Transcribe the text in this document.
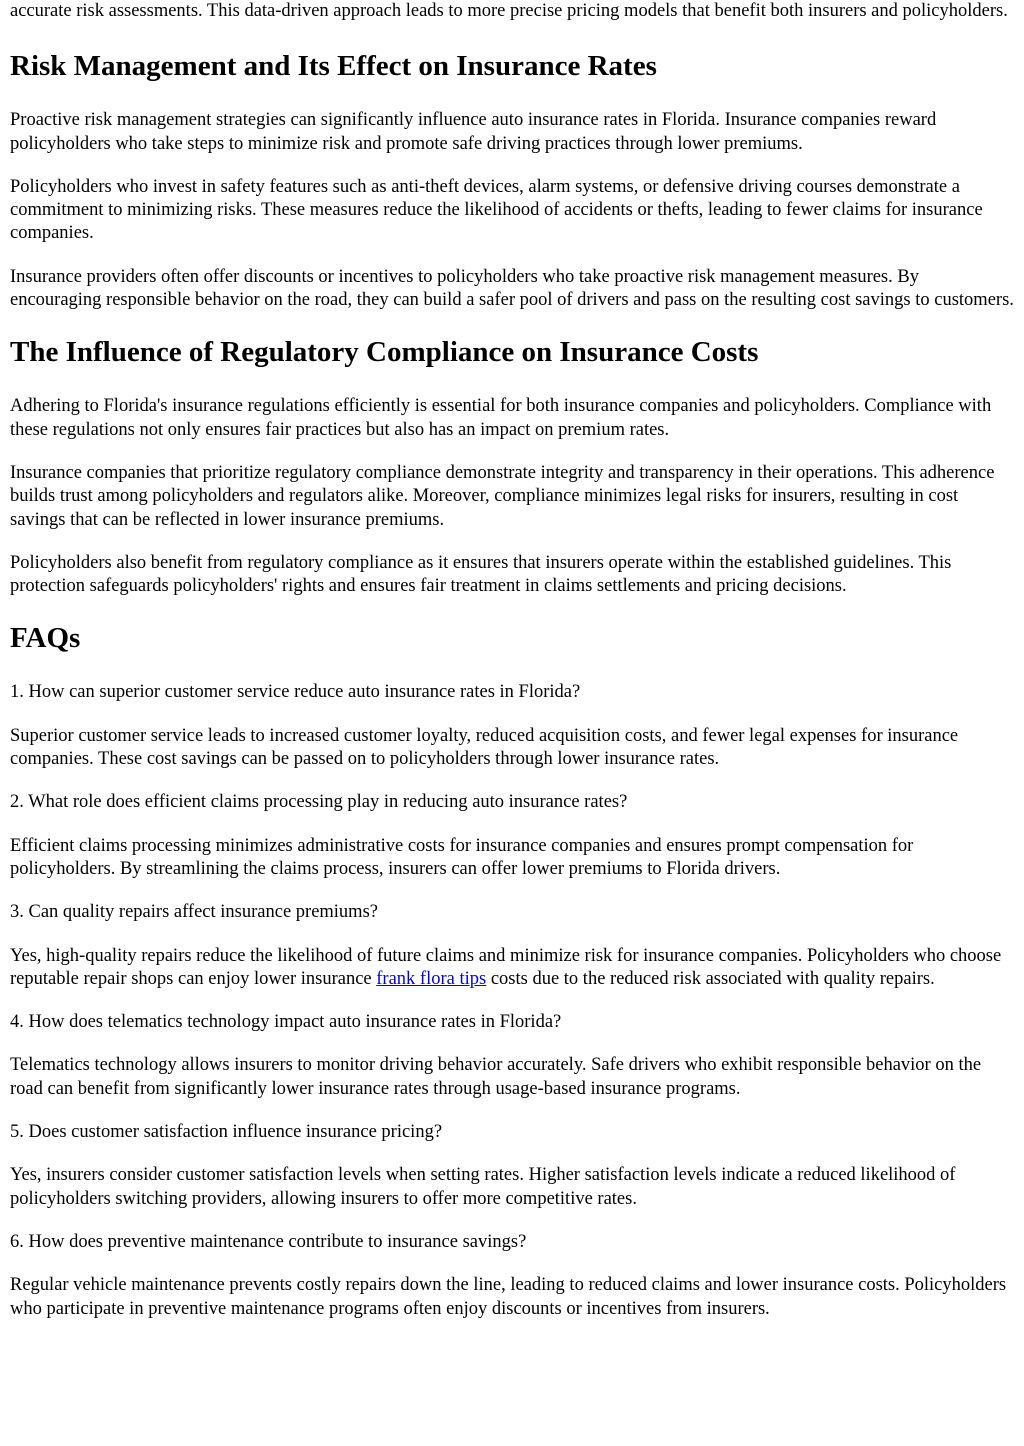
accurate risk assessments. This data-driven approach leads to more precise pricing models that benefit both insurers and policyholders.

Risk Management and Its Effect on Insurance Rates

Proactive risk management strategies can significantly influence auto insurance rates in Florida. Insurance companies reward policyholders who take steps to minimize risk and promote safe driving practices through lower premiums.

Policyholders who invest in safety features such as anti-theft devices, alarm systems, or defensive driving courses demonstrate a commitment to minimizing risks. These measures reduce the likelihood of accidents or thefts, leading to fewer claims for insurance companies.

Insurance providers often offer discounts or incentives to policyholders who take proactive risk management measures. By encouraging responsible behavior on the road, they can build a safer pool of drivers and pass on the resulting cost savings to customers.

The Influence of Regulatory Compliance on Insurance Costs

Adhering to Florida's insurance regulations efficiently is essential for both insurance companies and policyholders. Compliance with these regulations not only ensures fair practices but also has an impact on premium rates.

Insurance companies that prioritize regulatory compliance demonstrate integrity and transparency in their operations. This adherence builds trust among policyholders and regulators alike. Moreover, compliance minimizes legal risks for insurers, resulting in cost savings that can be reflected in lower insurance premiums.

Policyholders also benefit from regulatory compliance as it ensures that insurers operate within the established guidelines. This protection safeguards policyholders' rights and ensures fair treatment in claims settlements and pricing decisions.

FAQs

1. How can superior customer service reduce auto insurance rates in Florida?

Superior customer service leads to increased customer loyalty, reduced acquisition costs, and fewer legal expenses for insurance companies. These cost savings can be passed on to policyholders through lower insurance rates.

2. What role does efficient claims processing play in reducing auto insurance rates?

Efficient claims processing minimizes administrative costs for insurance companies and ensures prompt compensation for policyholders. By streamlining the claims process, insurers can offer lower premiums to Florida drivers.

3. Can quality repairs affect insurance premiums?

Yes, high-quality repairs reduce the likelihood of future claims and minimize risk for insurance companies. Policyholders who choose reputable repair shops can enjoy lower insurance frank flora tips costs due to the reduced risk associated with quality repairs.

4. How does telematics technology impact auto insurance rates in Florida?

Telematics technology allows insurers to monitor driving behavior accurately. Safe drivers who exhibit responsible behavior on the road can benefit from significantly lower insurance rates through usage-based insurance programs.

5. Does customer satisfaction influence insurance pricing?

Yes, insurers consider customer satisfaction levels when setting rates. Higher satisfaction levels indicate a reduced likelihood of policyholders switching providers, allowing insurers to offer more competitive rates.

6. How does preventive maintenance contribute to insurance savings?

Regular vehicle maintenance prevents costly repairs down the line, leading to reduced claims and lower insurance costs. Policyholders who participate in preventive maintenance programs often enjoy discounts or incentives from insurers.
